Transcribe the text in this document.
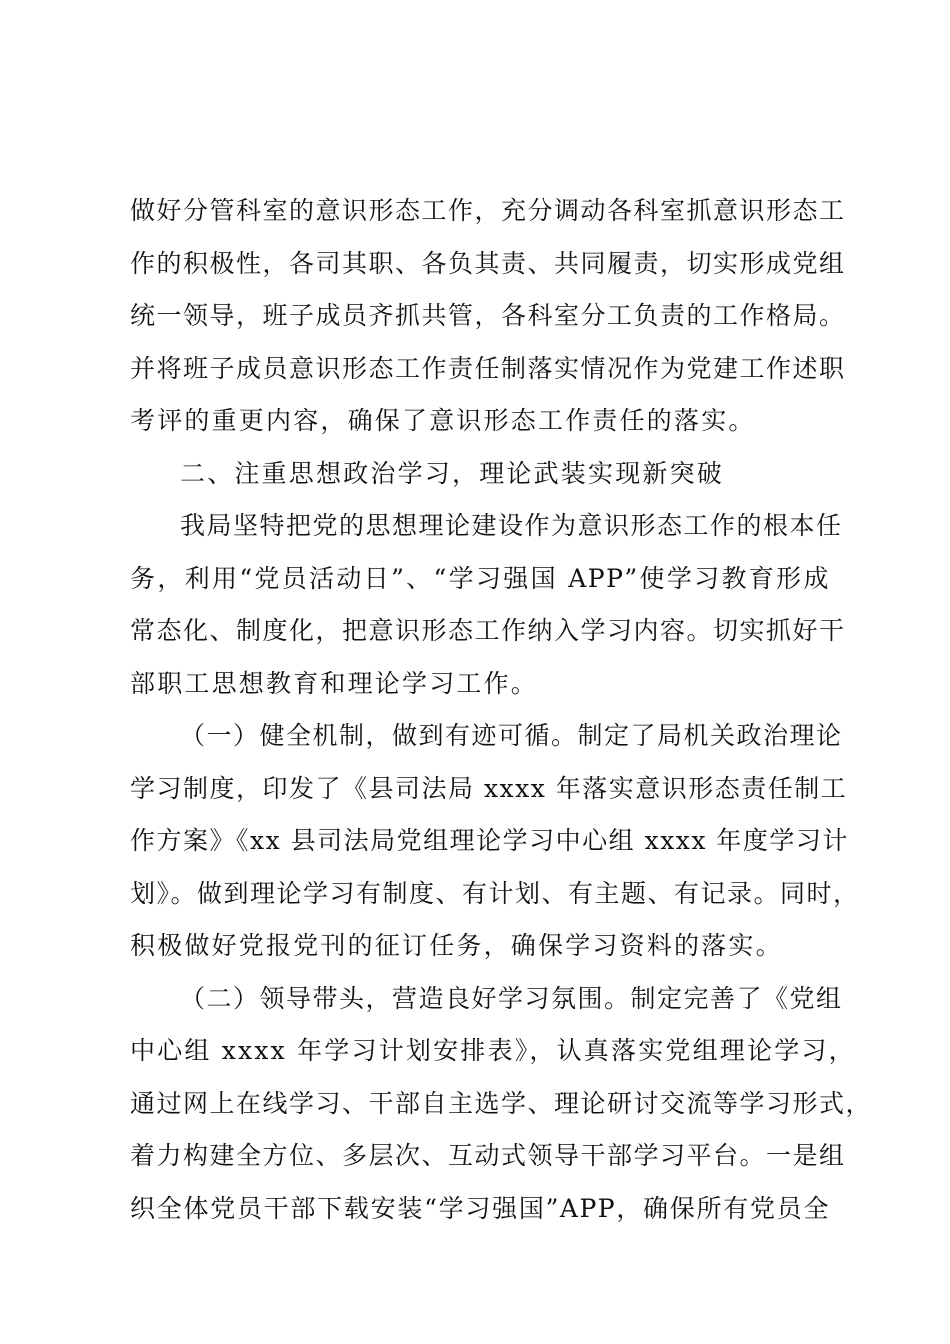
做好分管科室的意识形态工作，充分调动各科室抓意识形态工
作的积极性，各司其职、各负其责、共同履责，切实形成党组
统一领导，班子成员齐抓共管，各科室分工负责的工作格局。
并将班子成员意识形态工作责任制落实情况作为党建工作述职
考评的重更内容，确保了意识形态工作责任的落实。
二、注重思想政治学习，理论武装实现新突破
我局坚特把党的思想理论建设作为意识形态工作的根本任
务，利用“党员活动日”、“学习强国 APP”使学习教育形成
常态化、制度化，把意识形态工作纳入学习内容。切实抓好干
部职工思想教育和理论学习工作。
（一）健全机制，做到有迹可循。制定了局机关政治理论
学习制度，印发了《县司法局 xxxx 年落实意识形态责任制工
作方案》《xx 县司法局党组理论学习中心组 xxxx 年度学习计
划》。做到理论学习有制度、有计划、有主题、有记录。同时，
积极做好党报党刊的征订任务，确保学习资料的落实。
（二）领导带头，营造良好学习氛围。制定完善了《党组
中心组 xxxx 年学习计划安排表》，认真落实党组理论学习，
通过网上在线学习、干部自主选学、理论研讨交流等学习形式，
着力构建全方位、多层次、互动式领导干部学习平台。一是组
织全体党员干部下载安装“学习强国”APP，确保所有党员全
